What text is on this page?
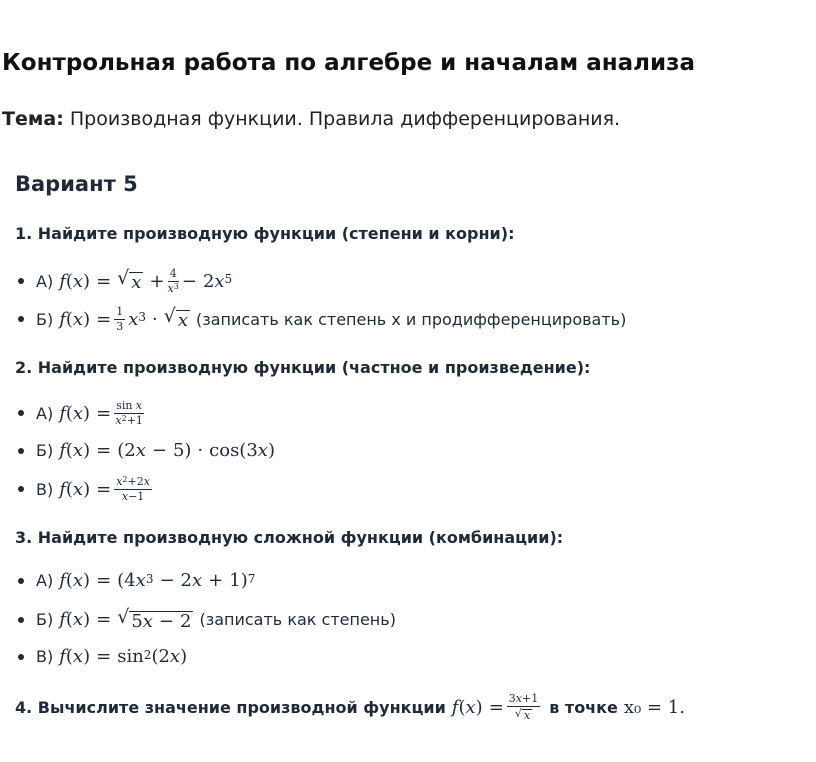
Контрольная работа по алгебре и началам анализа
Тема: Производная функции. Правила дифференцирования.
Вариант 5
1. Найдите производную функции (степени и корни):
А) f ( x ) = √ $x + \frac{4}{x^3} - 2$ x 5
Б) f ( x ) = $\frac{1}{3}$ x 3 · √ x (записать как степень x и продифференцировать)
2. Найдите производную функции (частное и произведение):
А) f ( x ) = $\frac{\text{sin x}}{x^2+1}$
Б) f ( x ) = (2 x − 5) · cos(3 x )
В) f ( x ) = $\frac{x^2+2x}{x-1}$
3. Найдите производную сложной функции (комбинации):
А) f ( x ) = (4 x 3 − 2 x + 1) 7
Б) f ( x ) = √ 5x − 2 (записать как степень)
В) f ( x ) = sin 2 (2 x )
4. Вычислите значение производной функции f ( x ) = $\frac{3x+1}{√ x}$ в точке x₀ = 1.
